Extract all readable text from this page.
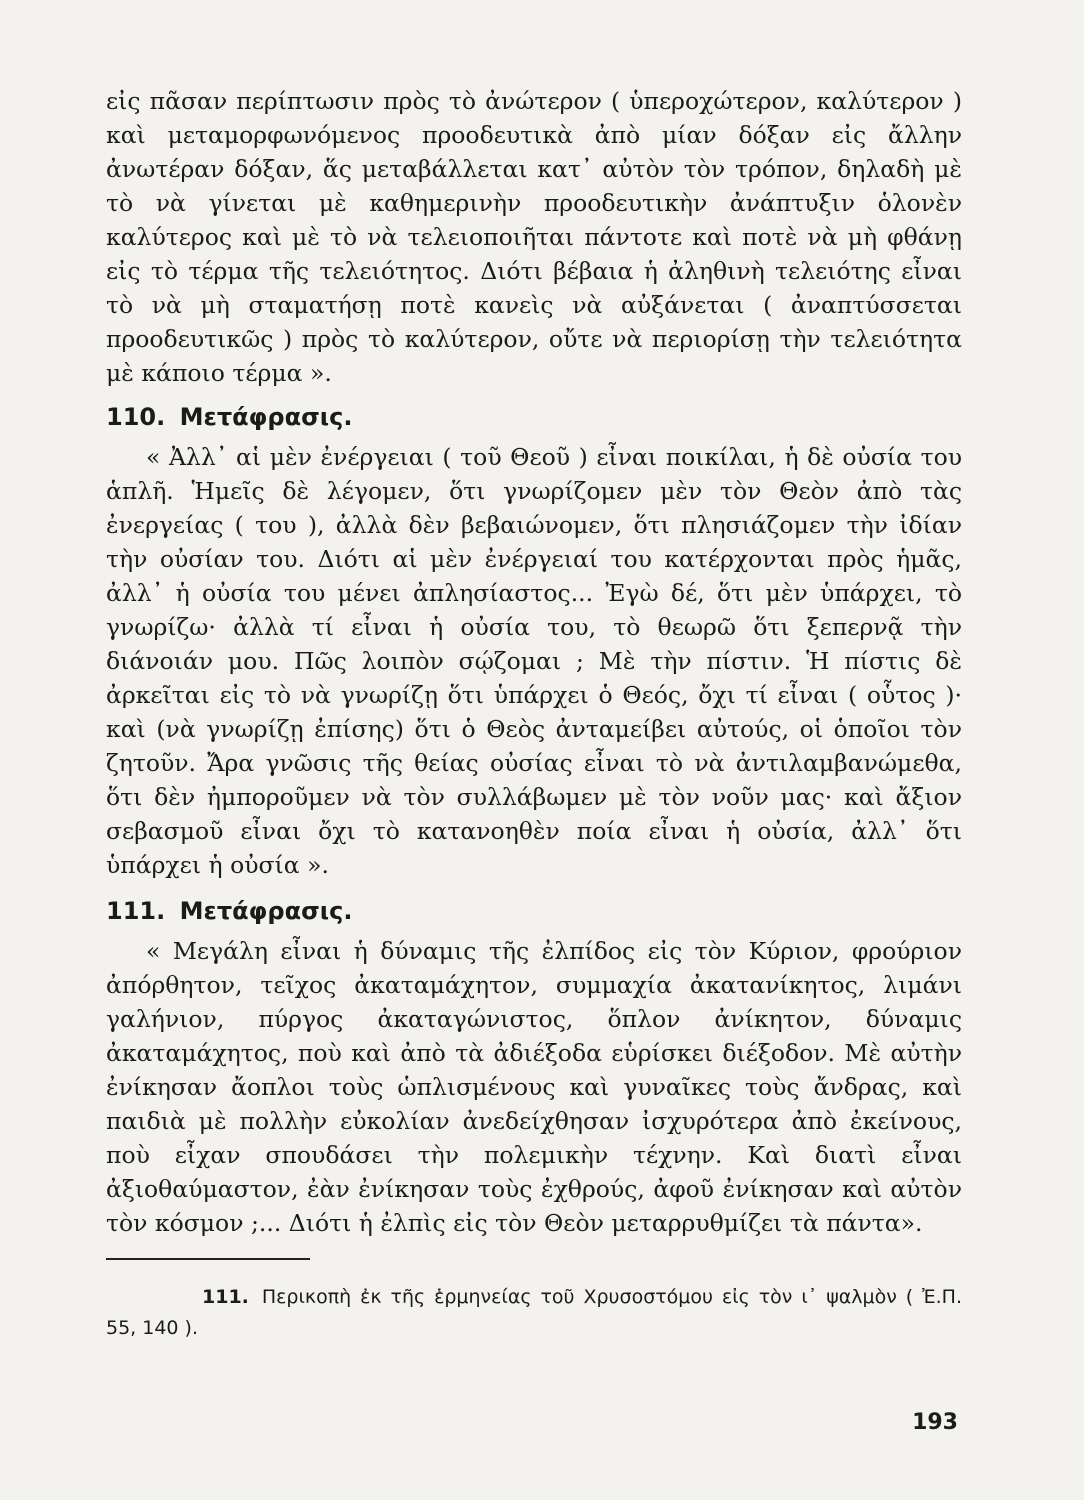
εἰς πᾶσαν περίπτωσιν πρὸς τὸ ἀνώτερον ( ὑπεροχώτερον, καλύτερον ) καὶ μεταμορφωνόμενος προοδευτικὰ ἀπὸ μίαν δόξαν εἰς ἄλλην ἀνωτέραν δόξαν, ἅς μεταβάλλεται κατ᾽ αὐτὸν τὸν τρόπον, δηλαδὴ μὲ τὸ νὰ γίνεται μὲ καθημερινὴν προοδευτικὴν ἀνάπτυξιν ὁλονὲν καλύτερος καὶ μὲ τὸ νὰ τελειοποιῆται πάντοτε καὶ ποτὲ νὰ μὴ φθάνῃ εἰς τὸ τέρμα τῆς τελειότητος. Διότι βέβαια ἡ ἀληθινὴ τελειότης εἶναι τὸ νὰ μὴ σταματήσῃ ποτὲ κανεὶς νὰ αὐξάνεται ( ἀναπτύσσεται προοδευτικῶς ) πρὸς τὸ καλύτερον, οὔτε νὰ περιορίσῃ τὴν τελειότητα μὲ κάποιο τέρμα ».

110. Μετάφρασις.

« Ἀλλ᾽ αἱ μὲν ἐνέργειαι ( τοῦ Θεοῦ ) εἶναι ποικίλαι, ἡ δὲ οὐσία του ἁπλῆ. Ἡμεῖς δὲ λέγομεν, ὅτι γνωρίζομεν μὲν τὸν Θεὸν ἀπὸ τὰς ἐνεργείας ( του ), ἀλλὰ δὲν βεβαιώνομεν, ὅτι πλησιάζομεν τὴν ἰδίαν τὴν οὐσίαν του. Διότι αἱ μὲν ἐνέργειαί του κατέρχονται πρὸς ἡμᾶς, ἀλλ᾽ ἡ οὐσία του μένει ἀπλησίαστος... Ἐγὼ δέ, ὅτι μὲν ὑπάρχει, τὸ γνωρίζω· ἀλλὰ τί εἶναι ἡ οὐσία του, τὸ θεωρῶ ὅτι ξεπερνᾷ τὴν διάνοιάν μου. Πῶς λοιπὸν σῴζομαι ; Μὲ τὴν πίστιν. Ἡ πίστις δὲ ἀρκεῖται εἰς τὸ νὰ γνωρίζῃ ὅτι ὑπάρχει ὁ Θεός, ὄχι τί εἶναι ( οὗτος )· καὶ (νὰ γνωρίζῃ ἐπίσης) ὅτι ὁ Θεὸς ἀνταμείβει αὐτούς, οἱ ὁποῖοι τὸν ζητοῦν. Ἄρα γνῶσις τῆς θείας οὐσίας εἶναι τὸ νὰ ἀντιλαμβανώμεθα, ὅτι δὲν ἠμποροῦμεν νὰ τὸν συλλάβωμεν μὲ τὸν νοῦν μας· καὶ ἄξιον σεβασμοῦ εἶναι ὄχι τὸ κατανοηθὲν ποία εἶναι ἡ οὐσία, ἀλλ᾽ ὅτι ὑπάρχει ἡ οὐσία ».

111. Μετάφρασις.

« Μεγάλη εἶναι ἡ δύναμις τῆς ἐλπίδος εἰς τὸν Κύριον, φρούριον ἀπόρθητον, τεῖχος ἀκαταμάχητον, συμμαχία ἀκατανίκητος, λιμάνι γαλήνιον, πύργος ἀκαταγώνιστος, ὅπλον ἀνίκητον, δύναμις ἀκαταμάχητος, ποὺ καὶ ἀπὸ τὰ ἀδιέξοδα εὑρίσκει διέξοδον. Μὲ αὐτὴν ἐνίκησαν ἄοπλοι τοὺς ὡπλισμένους καὶ γυναῖκες τοὺς ἄνδρας, καὶ παιδιὰ μὲ πολλὴν εὐκολίαν ἀνεδείχθησαν ἰσχυρότερα ἀπὸ ἐκείνους, ποὺ εἶχαν σπουδάσει τὴν πολεμικὴν τέχνην. Καὶ διατὶ εἶναι ἀξιοθαύμαστον, ἐὰν ἐνίκησαν τοὺς ἐχθρούς, ἀφοῦ ἐνίκησαν καὶ αὐτὸν τὸν κόσμον ;... Διότι ἡ ἐλπὶς εἰς τὸν Θεὸν μεταρρυθμίζει τὰ πάντα».

111. Περικοπὴ ἐκ τῆς ἑρμηνείας τοῦ Χρυσοστόμου εἰς τὸν ι᾽ ψαλμὸν ( Ἐ.Π. 55, 140 ).

193
